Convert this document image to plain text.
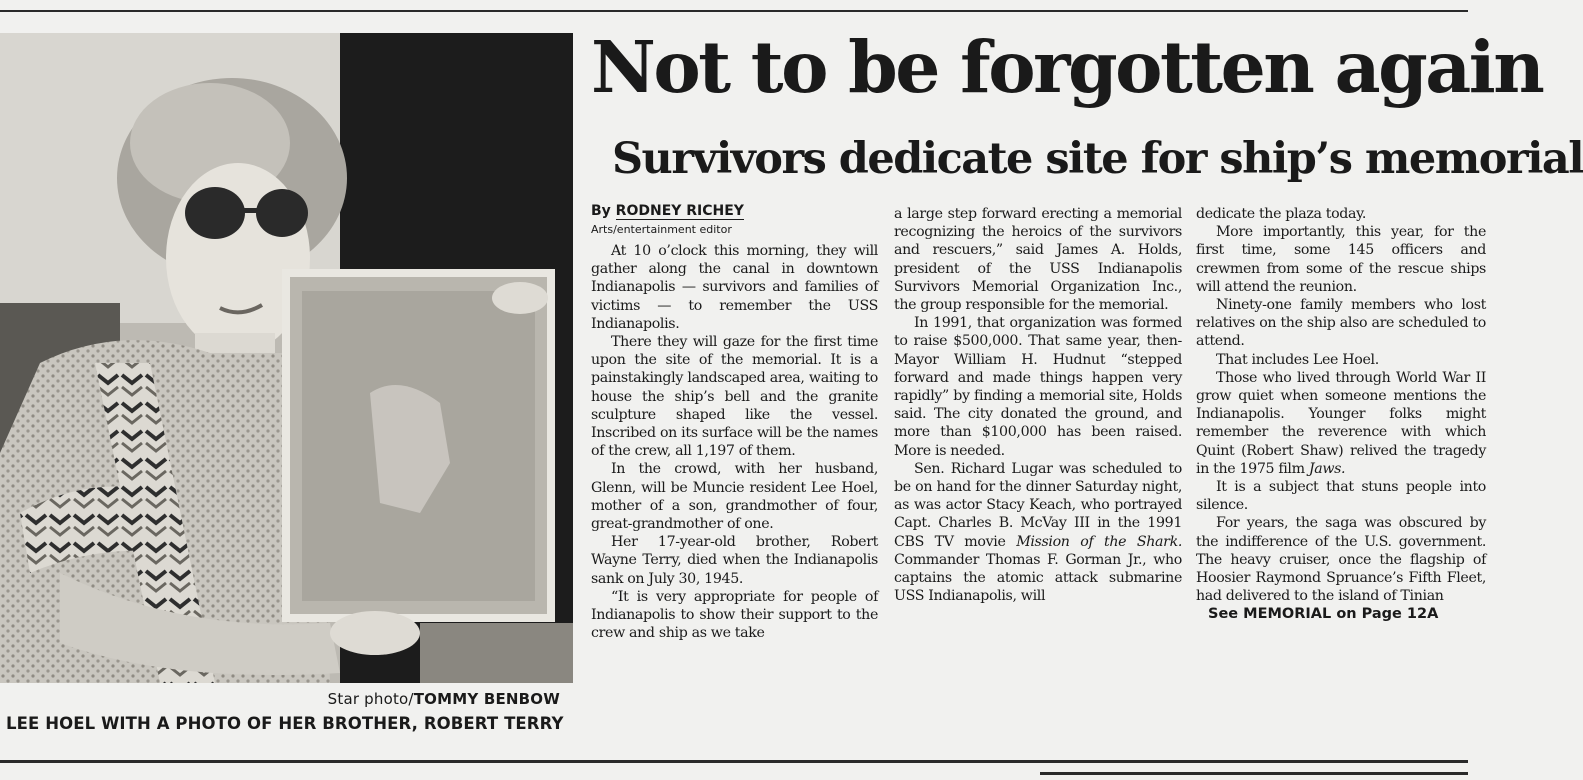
Star photo/TOMMY BENBOW
LEE HOEL WITH A PHOTO OF HER BROTHER, ROBERT TERRY
Not to be forgotten again
Survivors dedicate site for ship’s memorial
By RODNEY RICHEY
Arts/entertainment editor

At 10 o’clock this morning, they will gather along the canal in downtown Indianapolis — survivors and families of victims — to remember the USS Indianapolis.

There they will gaze for the first time upon the site of the memorial. It is a painstakingly landscaped area, waiting to house the ship’s bell and the granite sculpture shaped like the vessel. Inscribed on its surface will be the names of the crew, all 1,197 of them.

In the crowd, with her husband, Glenn, will be Muncie resident Lee Hoel, mother of a son, grandmother of four, great-grandmother of one.

Her 17-year-old brother, Robert Wayne Terry, died when the Indianapolis sank on July 30, 1945.

“It is very appropriate for people of Indianapolis to show their support to the crew and ship as we take

a large step forward erecting a memorial recognizing the heroics of the survivors and rescuers,” said James A. Holds, president of the USS Indianapolis Survivors Memorial Organization Inc., the group responsible for the memorial.

In 1991, that organization was formed to raise $500,000. That same year, then-Mayor William H. Hudnut “stepped forward and made things happen very rapidly” by finding a memorial site, Holds said. The city donated the ground, and more than $100,000 has been raised. More is needed.

Sen. Richard Lugar was scheduled to be on hand for the dinner Saturday night, as was actor Stacy Keach, who portrayed Capt. Charles B. McVay III in the 1991 CBS TV movie Mission of the Shark. Commander Thomas F. Gorman Jr., who captains the atomic attack submarine USS Indianapolis, will

dedicate the plaza today.

More importantly, this year, for the first time, some 145 officers and crewmen from some of the rescue ships will attend the reunion.

Ninety-one family members who lost relatives on the ship also are scheduled to attend.

That includes Lee Hoel.

Those who lived through World War II grow quiet when someone mentions the Indianapolis. Younger folks might remember the reverence with which Quint (Robert Shaw) relived the tragedy in the 1975 film Jaws.

It is a subject that stuns people into silence.

For years, the saga was obscured by the indifference of the U.S. government. The heavy cruiser, once the flagship of Hoosier Raymond Spruance’s Fifth Fleet, had delivered to the island of Tinian

See MEMORIAL on Page 12A
